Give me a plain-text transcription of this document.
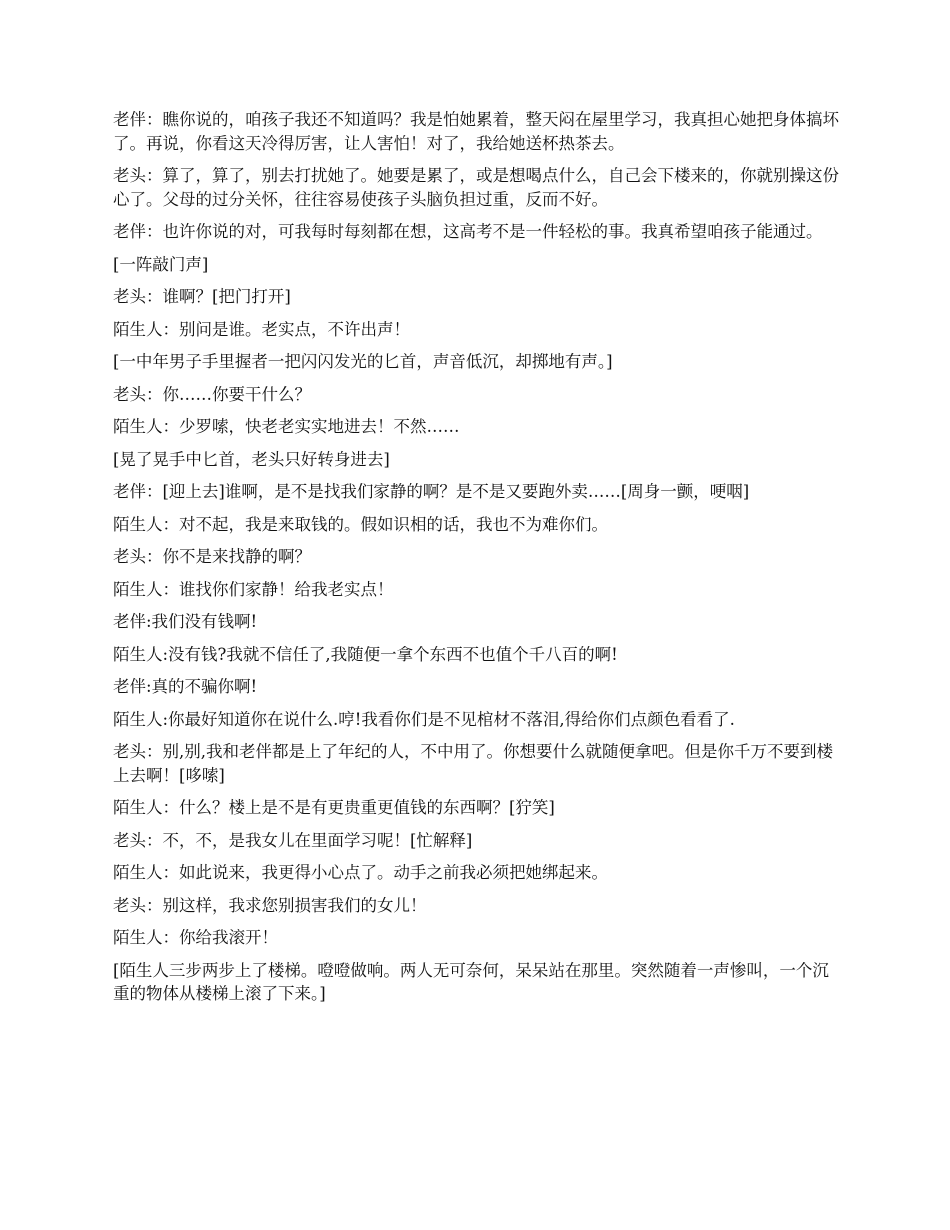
老伴：瞧你说的，咱孩子我还不知道吗？我是怕她累着，整天闷在屋里学习，我真担心她把身体搞坏了。再说，你看这天冷得厉害，让人害怕！对了，我给她送杯热茶去。

老头：算了，算了，别去打扰她了。她要是累了，或是想喝点什么，自己会下楼来的，你就别操这份心了。父母的过分关怀，往往容易使孩子头脑负担过重，反而不好。

老伴：也许你说的对，可我每时每刻都在想，这高考不是一件轻松的事。我真希望咱孩子能通过。

[一阵敲门声]

老头：谁啊？[把门打开]

陌生人：别问是谁。老实点，不许出声！

[一中年男子手里握者一把闪闪发光的匕首，声音低沉，却掷地有声。]

老头：你……你要干什么？

陌生人：少罗嗦，快老老实实地进去！不然……

[晃了晃手中匕首，老头只好转身进去]

老伴：[迎上去]谁啊，是不是找我们家静的啊？是不是又要跑外卖……[周身一颤，哽咽]

陌生人：对不起，我是来取钱的。假如识相的话，我也不为难你们。

老头：你不是来找静的啊？

陌生人：谁找你们家静！给我老实点！

老伴:我们没有钱啊!

陌生人:没有钱?我就不信任了,我随便一拿个东西不也值个千八百的啊!

老伴:真的不骗你啊!

陌生人:你最好知道你在说什么.哼!我看你们是不见棺材不落泪,得给你们点颜色看看了.

老头：别,别,我和老伴都是上了年纪的人，不中用了。你想要什么就随便拿吧。但是你千万不要到楼上去啊！[哆嗦]

陌生人：什么？楼上是不是有更贵重更值钱的东西啊？[狞笑]

老头：不，不，是我女儿在里面学习呢！[忙解释]

陌生人：如此说来，我更得小心点了。动手之前我必须把她绑起来。

老头：别这样，我求您别损害我们的女儿！

陌生人：你给我滚开！

[陌生人三步两步上了楼梯。噔噔做响。两人无可奈何，呆呆站在那里。突然随着一声惨叫，一个沉重的物体从楼梯上滚了下来。]
